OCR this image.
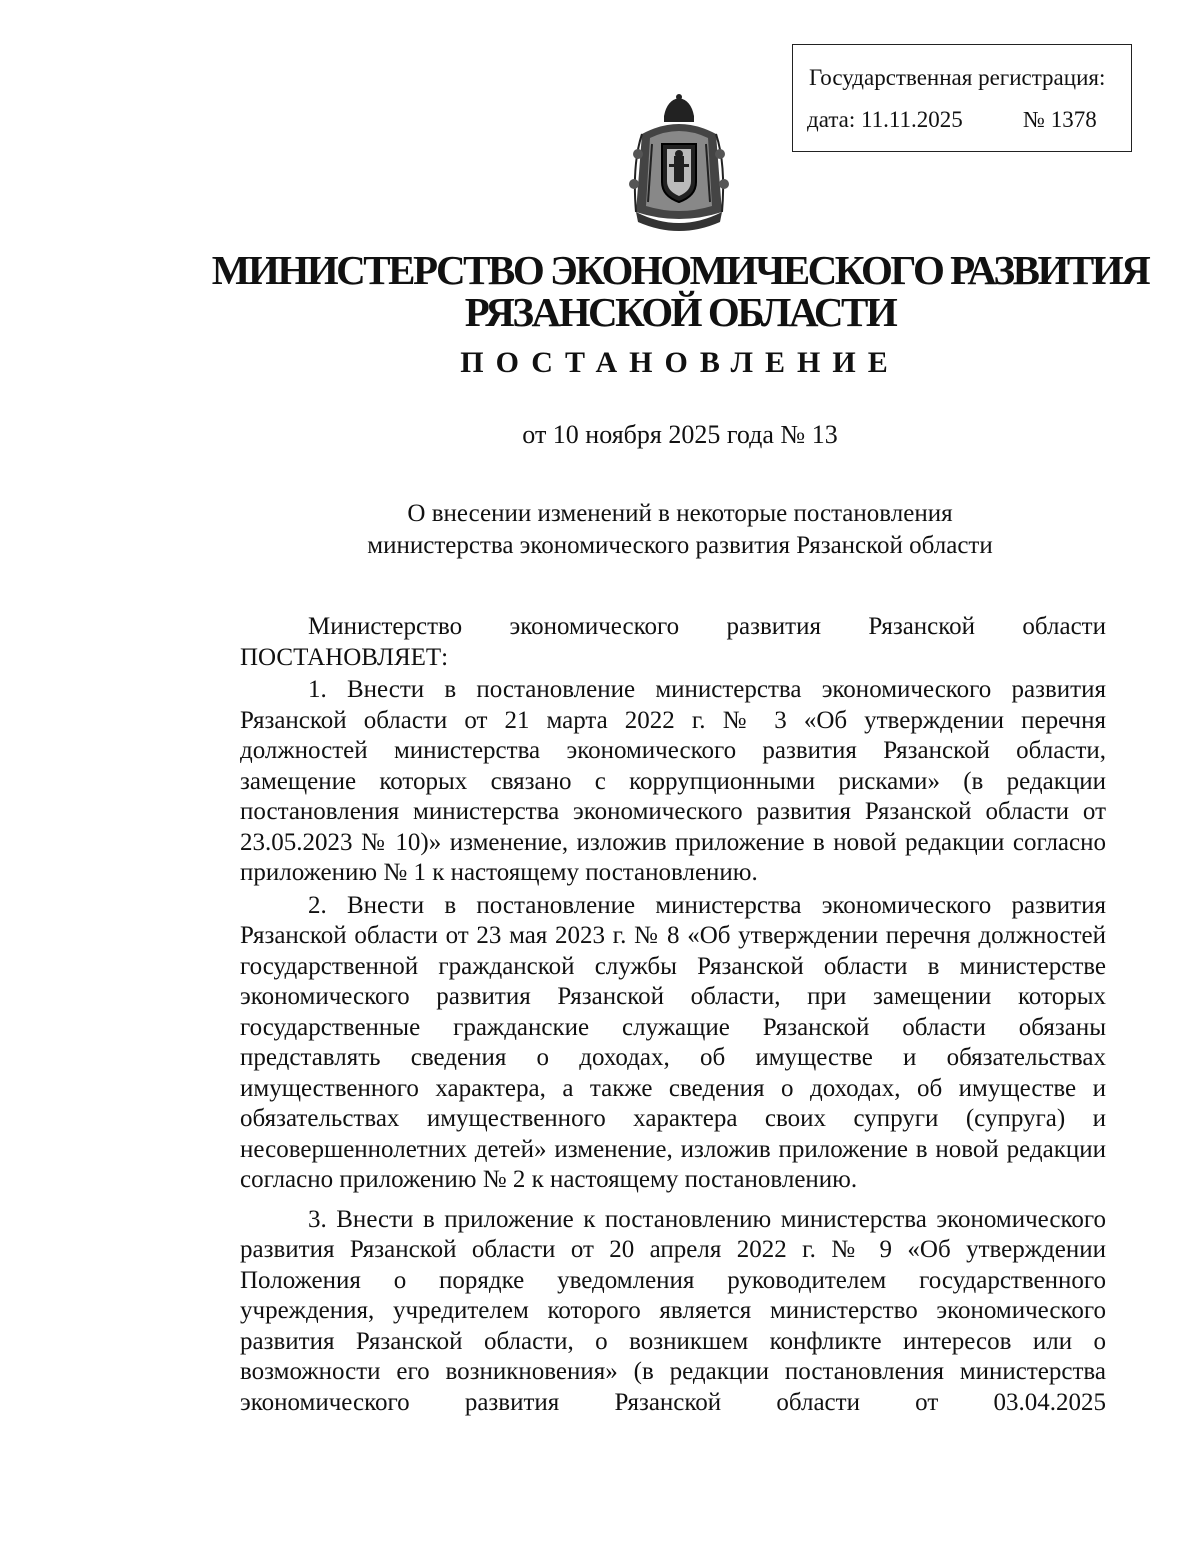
Государственная регистрация:
дата: 11.11.2025	№ 1378
МИНИСТЕРСТВО ЭКОНОМИЧЕСКОГО РАЗВИТИЯ
РЯЗАНСКОЙ ОБЛАСТИ
ПОСТАНОВЛЕНИЕ
от 10 ноября 2025 года № 13
О внесении изменений в некоторые постановления
министерства экономического развития Рязанской области

Министерство экономического развития Рязанской области ПОСТАНОВЛЯЕТ:

1. Внести в постановление министерства экономического развития Рязанской области от 21 марта 2022 г. № 3 «Об утверждении перечня должностей министерства экономического развития Рязанской области, замещение которых связано с коррупционными рисками» (в редакции постановления министерства экономического развития Рязанской области от 23.05.2023 № 10)» изменение, изложив приложение в новой редакции согласно приложению № 1 к настоящему постановлению.

2. Внести в постановление министерства экономического развития Рязанской области от 23 мая 2023 г. № 8 «Об утверждении перечня должностей государственной гражданской службы Рязанской области в министерстве экономического развития Рязанской области, при замещении которых государственные гражданские служащие Рязанской области обязаны представлять сведения о доходах, об имуществе и обязательствах имущественного характера, а также сведения о доходах, об имуществе и обязательствах имущественного характера своих супруги (супруга) и несовершеннолетних детей» изменение, изложив приложение в новой редакции согласно приложению № 2 к настоящему постановлению.

3. Внести в приложение к постановлению министерства экономического развития Рязанской области от 20 апреля 2022 г. № 9 «Об утверждении Положения о порядке уведомления руководителем государственного учреждения, учредителем которого является министерство экономического развития Рязанской области, о возникшем конфликте интересов или о возможности его возникновения» (в редакции постановления министерства экономического развития Рязанской области от 03.04.2025
